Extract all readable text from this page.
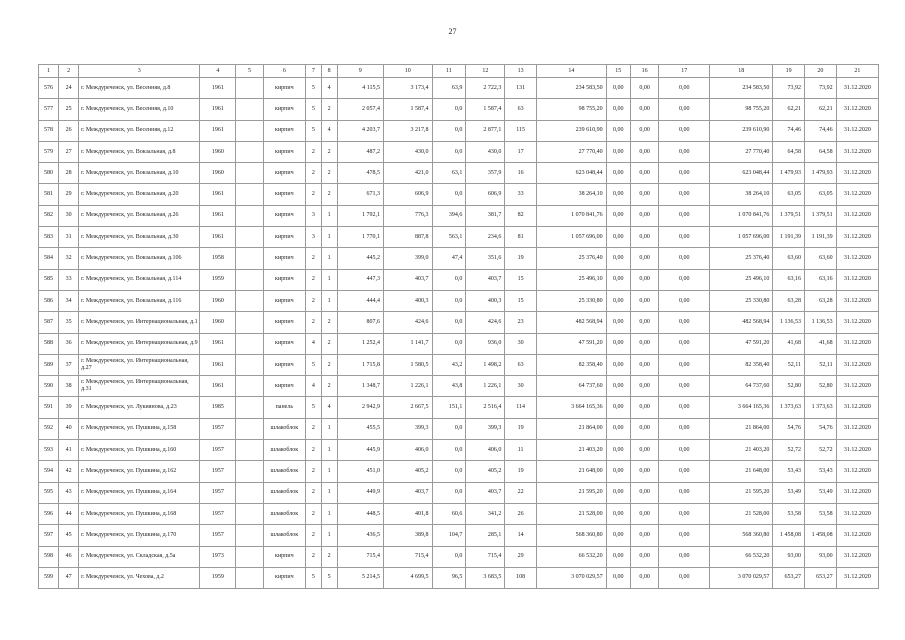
27
1	2	3	4	5	6	7	8	9	10	11	12	13	14	15	16	17	18	19	20	21
576	24	г. Междуреченск, ул. Весенняя, д.8	1961		кирпич	5	4	4 115,5	3 173,4	63,9	2 722,3	131	234 583,50	0,00	0,00	0,00	234 583,50	73,92	73,92	31.12.2020
577	25	г. Междуреченск, ул. Весенняя, д.10	1961		кирпич	5	2	2 057,4	1 587,4	0,0	1 587,4	63	98 755,20	0,00	0,00	0,00	98 755,20	62,21	62,21	31.12.2020
578	26	г. Междуреченск, ул. Весенняя, д.12	1961		кирпич	5	4	4 203,7	3 217,8	0,0	2 877,1	115	239 610,90	0,00	0,00	0,00	239 610,90	74,46	74,46	31.12.2020
579	27	г. Междуреченск, ул. Вокзальная, д.8	1960		кирпич	2	2	487,2	430,0	0,0	430,0	17	27 770,40	0,00	0,00	0,00	27 770,40	64,58	64,58	31.12.2020
580	28	г. Междуреченск, ул. Вокзальная, д.10	1960		кирпич	2	2	478,5	421,0	63,1	357,9	16	623 048,44	0,00	0,00	0,00	623 048,44	1 479,93	1 479,93	31.12.2020
581	29	г. Междуреченск, ул. Вокзальная, д.20	1961		кирпич	2	2	671,3	606,9	0,0	606,9	33	38 264,10	0,00	0,00	0,00	38 264,10	63,05	63,05	31.12.2020
582	30	г. Междуреченск, ул. Вокзальная, д.26	1961		кирпич	3	1	1 792,1	776,3	394,6	381,7	82	1 070 841,76	0,00	0,00	0,00	1 070 841,76	1 379,51	1 379,51	31.12.2020
583	31	г. Междуреченск, ул. Вокзальная, д.30	1961		кирпич	3	1	1 770,1	887,8	563,1	234,6	81	1 057 696,00	0,00	0,00	0,00	1 057 696,00	1 191,39	1 191,39	31.12.2020
584	32	г. Междуреченск, ул. Вокзальная, д.106	1958		кирпич	2	1	445,2	399,0	47,4	351,6	19	25 376,40	0,00	0,00	0,00	25 376,40	63,60	63,60	31.12.2020
585	33	г. Междуреченск, ул. Вокзальная, д.114	1959		кирпич	2	1	447,3	403,7	0,0	403,7	15	25 496,10	0,00	0,00	0,00	25 496,10	63,16	63,16	31.12.2020
586	34	г. Междуреченск, ул. Вокзальная, д.116	1960		кирпич	2	1	444,4	400,3	0,0	400,3	15	25 330,80	0,00	0,00	0,00	25 330,80	63,28	63,28	31.12.2020
587	35	г. Междуреченск, ул. Интернациональная, д.1	1960		кирпич	2	2	807,6	424,6	0,0	424,6	23	482 568,94	0,00	0,00	0,00	482 568,94	1 136,53	1 136,53	31.12.2020
588	36	г. Междуреченск, ул. Интернациональная, д.9	1961		кирпич	4	2	1 252,4	1 141,7	0,0	936,0	30	47 591,20	0,00	0,00	0,00	47 591,20	41,68	41,68	31.12.2020
589	37	г. Междуреченск, ул. Интернациональная, д.27	1961		кирпич	5	2	1 715,8	1 580,5	43,2	1 498,2	63	82 358,40	0,00	0,00	0,00	82 358,40	52,11	52,11	31.12.2020
590	38	г. Междуреченск, ул. Интернациональная, д.31	1961		кирпич	4	2	1 348,7	1 226,1	43,8	1 226,1	30	64 737,60	0,00	0,00	0,00	64 737,60	52,80	52,80	31.12.2020
591	39	г. Междуреченск, ул. Лукиянова, д.23	1985		панель	5	4	2 942,9	2 667,5	151,1	2 516,4	114	3 664 165,36	0,00	0,00	0,00	3 664 165,36	1 373,63	1 373,63	31.12.2020
592	40	г. Междуреченск, ул. Пушкина, д.158	1957		шлакоблок	2	1	455,5	399,3	0,0	399,3	19	21 864,00	0,00	0,00	0,00	21 864,00	54,76	54,76	31.12.2020
593	41	г. Междуреченск, ул. Пушкина, д.160	1957		шлакоблок	2	1	445,9	406,0	0,0	406,0	11	21 403,20	0,00	0,00	0,00	21 403,20	52,72	52,72	31.12.2020
594	42	г. Междуреченск, ул. Пушкина, д.162	1957		шлакоблок	2	1	451,0	405,2	0,0	405,2	19	21 648,00	0,00	0,00	0,00	21 648,00	53,43	53,43	31.12.2020
595	43	г. Междуреченск, ул. Пушкина, д.164	1957		шлакоблок	2	1	449,9	403,7	0,0	403,7	22	21 595,20	0,00	0,00	0,00	21 595,20	53,49	53,49	31.12.2020
596	44	г. Междуреченск, ул. Пушкина, д.168	1957		шлакоблок	2	1	448,5	401,8	60,6	341,2	26	21 528,00	0,00	0,00	0,00	21 528,00	53,58	53,58	31.12.2020
597	45	г. Междуреченск, ул. Пушкина, д.170	1957		шлакоблок	2	1	436,5	389,8	104,7	285,1	14	568 360,80	0,00	0,00	0,00	568 360,80	1 458,08	1 458,08	31.12.2020
598	46	г. Междуреченск, ул. Складская, д.5а	1973		кирпич	2	2	715,4	715,4	0,0	715,4	29	66 532,20	0,00	0,00	0,00	66 532,20	93,00	93,00	31.12.2020
599	47	г. Междуреченск, ул. Чехова, д.2	1959		кирпич	5	5	5 214,5	4 699,5	96,5	3 683,5	108	3 070 029,57	0,00	0,00	0,00	3 070 029,57	653,27	653,27	31.12.2020
